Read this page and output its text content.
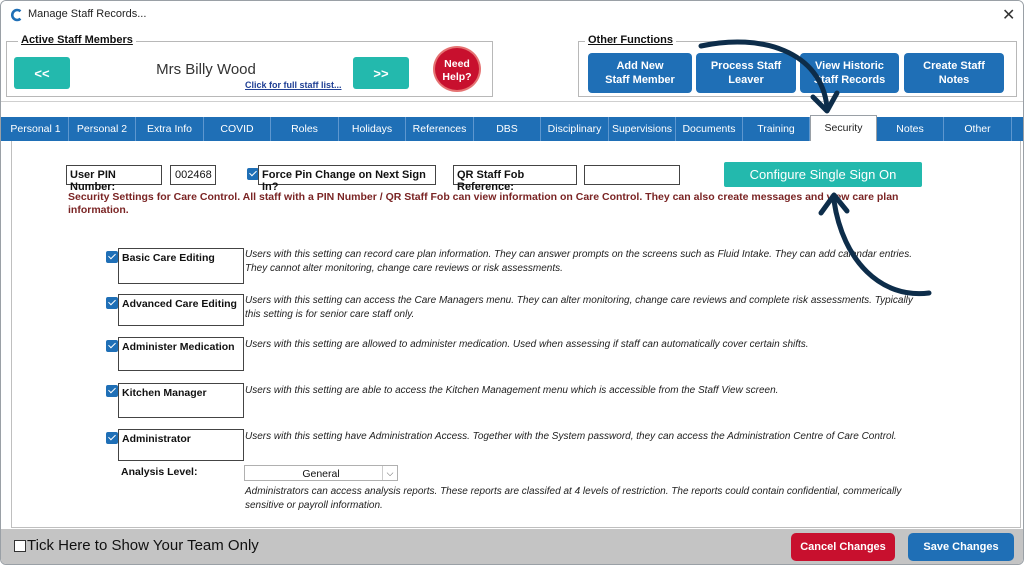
Manage Staff Records...	✕
Active Staff Members
<<	Mrs Billy Wood
Click for full staff list...
>>
Need
Help?
Other Functions
Add New
Staff Member
Process Staff
Leaver
View Historic
Staff Records
Create Staff
Notes
Personal 1	Personal 2	Extra Info	COVID	Roles	Holidays	References	DBS	Disciplinary	Supervisions Documents	Training	Security	Notes	Other
User PIN Number:
002468	Force Pin Change on Next Sign In?
QR Staff Fob Reference:
Configure Single Sign On
Security Settings for Care Control. All staff with a PIN Number / QR Staff Fob can view information on Care Control. They can also create messages and view care plan information.
Basic Care Editing	Users with this setting can record care plan information. They can answer prompts on the screens such as Fluid Intake. They can add calendar entries. They cannot alter monitoring, change care reviews or risk assessments.
Advanced Care Editing Users with this setting can access the Care Managers menu. They can alter monitoring, change care reviews and complete risk assessments. Typically this setting is for senior care staff only.
Administer Medication	Users with this setting are allowed to administer medication. Used when assessing if staff can automatically cover certain shifts.
Kitchen Manager	Users with this setting are able to access the Kitchen Management menu which is accessible from the Staff View screen.
Administrator	Users with this setting have Administration Access. Together with the System password, they can access the Administration Centre of Care Control.
Analysis Level:	General	⌵
Administrators can access analysis reports. These reports are classifed at 4 levels of restriction. The reports could contain confidential, commerically sensitive or payroll information.
Tick Here to Show Your Team Only	Cancel Changes	Save Changes
